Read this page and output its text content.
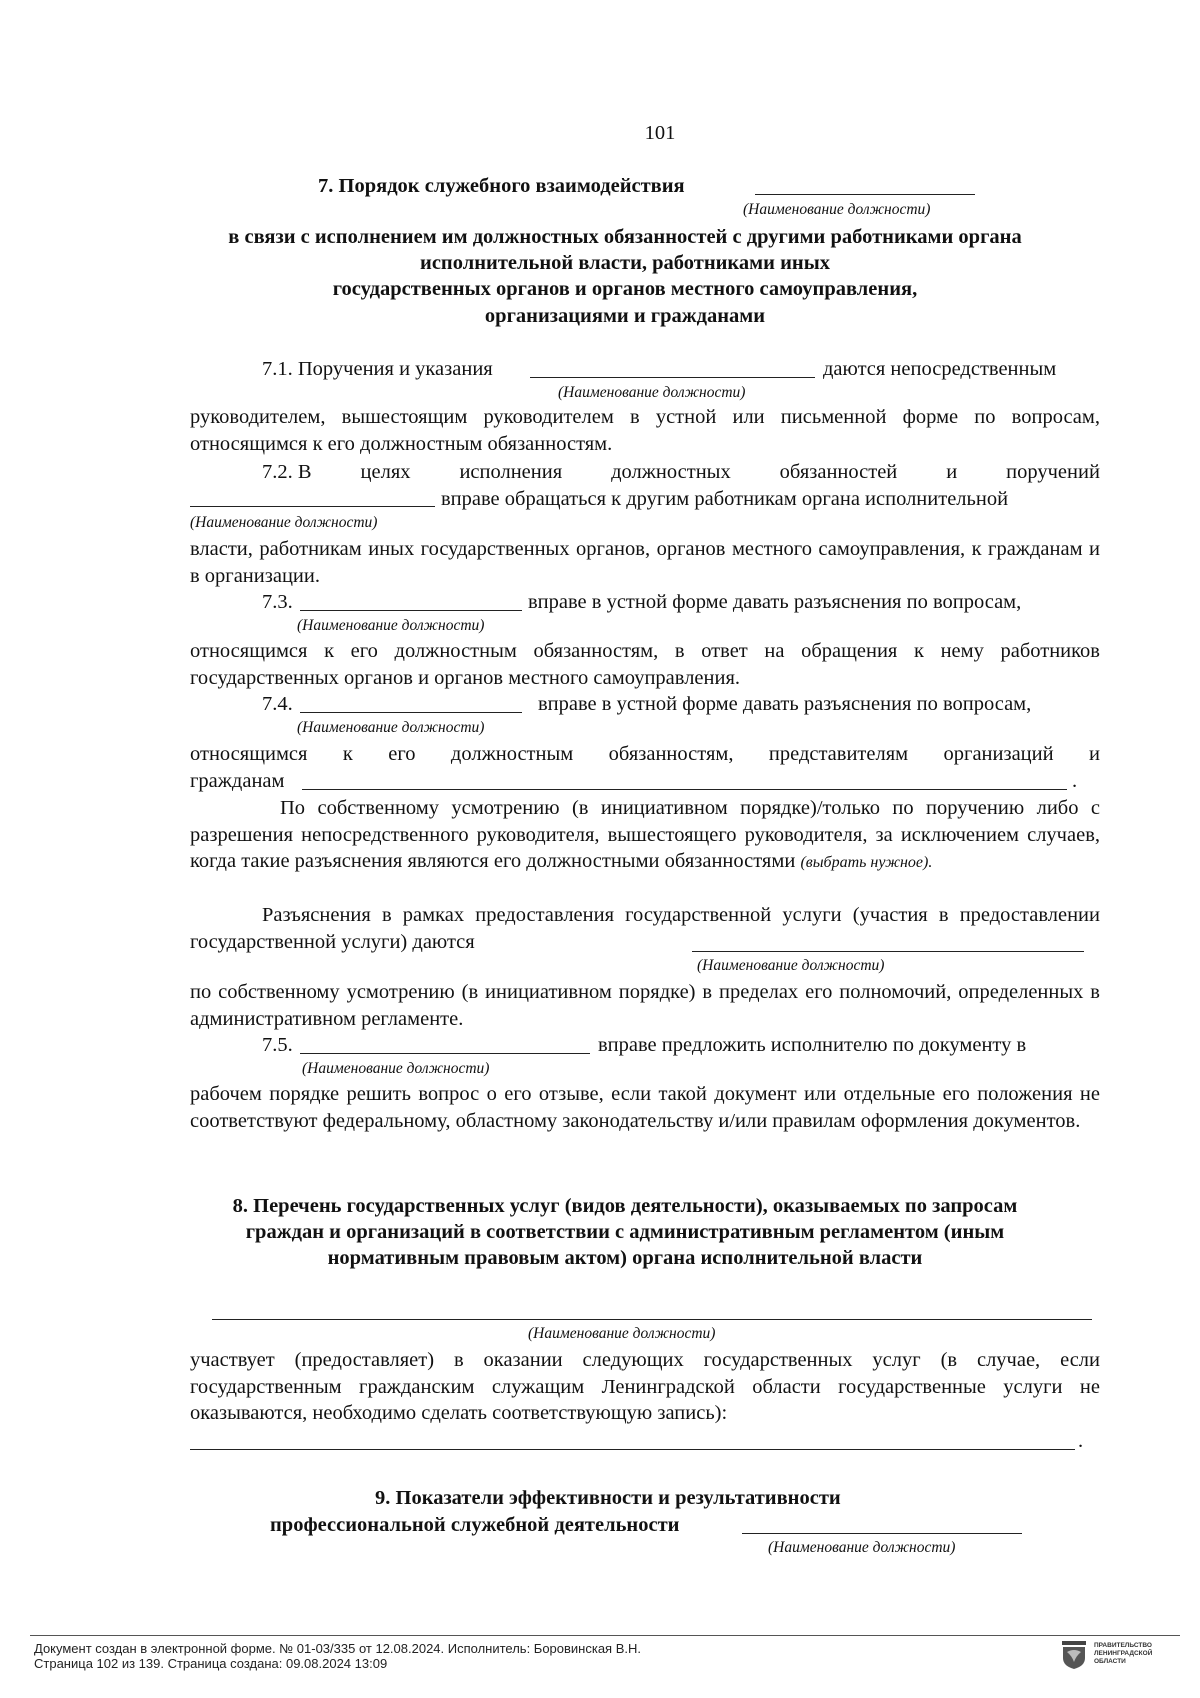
101
7. Порядок служебного взаимодействия
(Наименование должности)
в связи с исполнением им должностных обязанностей с другими работниками органа
исполнительной власти, работниками иных
государственных органов и органов местного самоуправления,
организациями и гражданами
7.1. Поручения и указания	даются непосредственным
(Наименование должности)
руководителем, вышестоящим руководителем в устной или письменной форме по вопросам, относящимся к его должностным обязанностям.
7.2. В целях исполнения должностных обязанностей и поручений
вправе обращаться к другим работникам органа исполнительной
(Наименование должности)
власти, работникам иных государственных органов, органов местного самоуправления, к гражданам и в организации.
7.3.	вправе в устной форме давать разъяснения по вопросам,
(Наименование должности)
относящимся к его должностным обязанностям, в ответ на обращения к нему работников государственных органов и органов местного самоуправления.
7.4.	вправе в устной форме давать разъяснения по вопросам,
(Наименование должности)
относящимся к его должностным обязанностям, представителям организаций и
гражданам	.
По собственному усмотрению (в инициативном порядке)/только по поручению либо с разрешения непосредственного руководителя, вышестоящего руководителя, за исключением случаев, когда такие разъяснения являются его должностными обязанностями (выбрать нужное).
Разъяснения в рамках предоставления государственной услуги (участия в предоставлении государственной услуги) даются
(Наименование должности)
по собственному усмотрению (в инициативном порядке) в пределах его полномочий, определенных в административном регламенте.
7.5.	вправе предложить исполнителю по документу в
(Наименование должности)
рабочем порядке решить вопрос о его отзыве, если такой документ или отдельные его положения не соответствуют федеральному, областному законодательству и/или правилам оформления документов.
8. Перечень государственных услуг (видов деятельности), оказываемых по запросам
граждан и организаций в соответствии с административным регламентом (иным
нормативным правовым актом) органа исполнительной власти
(Наименование должности)
участвует (предоставляет) в оказании следующих государственных услуг (в случае, если государственным гражданским служащим Ленинградской области государственные услуги не оказываются, необходимо сделать соответствующую запись):
.
9. Показатели эффективности и результативности
профессиональной служебной деятельности
(Наименование должности)
Документ создан в электронной форме. № 01-03/335 от 12.08.2024. Исполнитель: Боровинская В.Н.
Страница 102 из 139. Страница создана: 09.08.2024 13:09
ПРАВИТЕЛЬСТВО
ЛЕНИНГРАДСКОЙ
ОБЛАСТИ
